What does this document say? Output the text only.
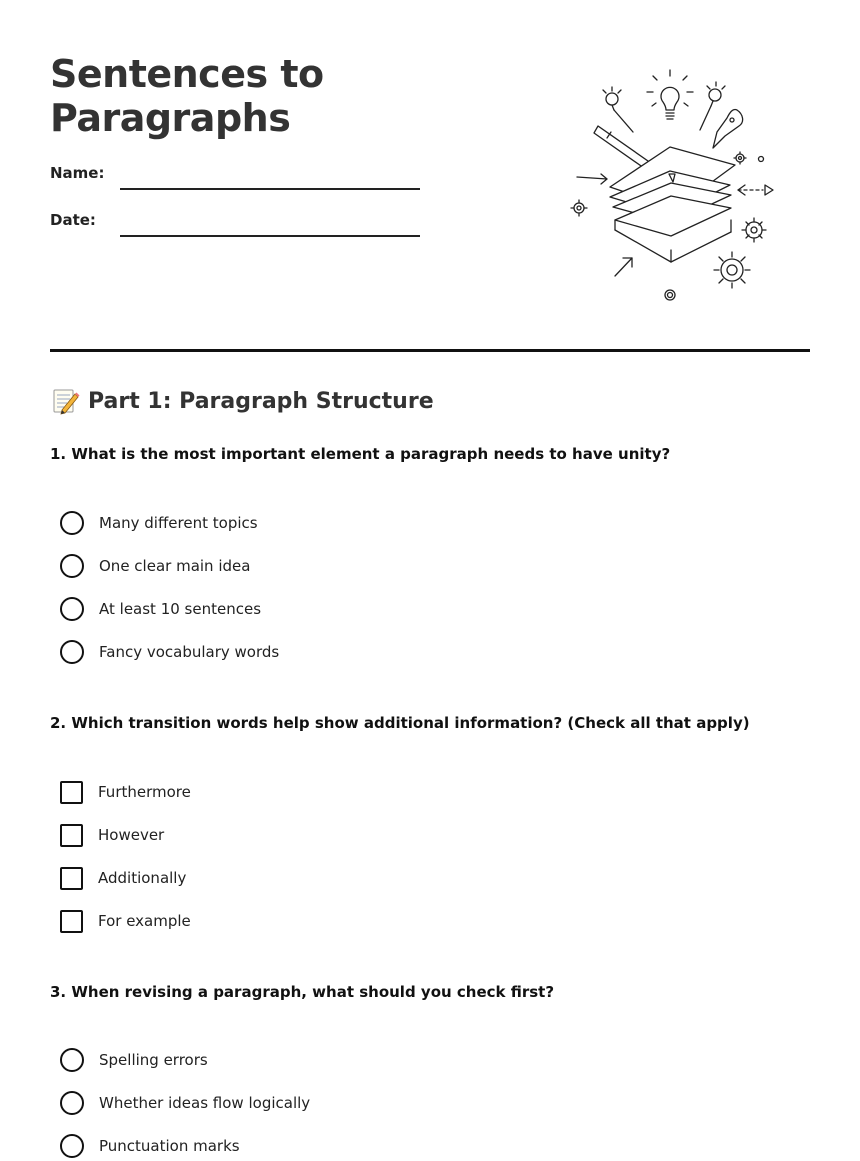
Sentences to
Paragraphs
Name:
Date:
Part 1: Paragraph Structure
1. What is the most important element a paragraph needs to have unity?
Many different topics
One clear main idea
At least 10 sentences
Fancy vocabulary words
2. Which transition words help show additional information? (Check all that apply)
Furthermore
However
Additionally
For example
3. When revising a paragraph, what should you check first?
Spelling errors
Whether ideas flow logically
Punctuation marks
